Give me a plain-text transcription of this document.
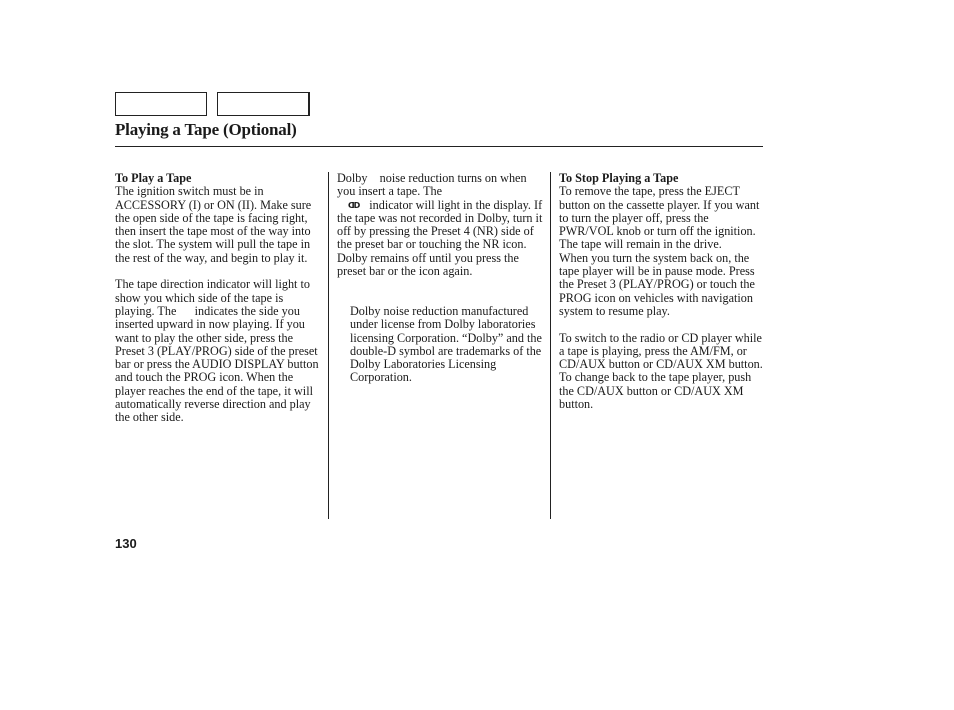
Playing a Tape (Optional)
To Play a Tape

The ignition switch must be in ACCESSORY (I) or ON (II). Make sure the open side of the tape is facing right, then insert the tape most of the way into the slot. The system will pull the tape in the rest of the way, and begin to play it.

The tape direction indicator will light to show you which side of the tape is playing. The      indicates the side you inserted upward in now playing. If you want to play the other side, press the Preset 3 (PLAY/PROG) side of the preset bar or press the AUDIO DISPLAY button and touch the PROG icon. When the player reaches the end of the tape, it will automatically reverse direction and play the other side.

Dolby    noise reduction turns on when you insert a tape. The

ᗡᗞ indicator will light in the display. If the tape was not recorded in Dolby, turn it off by pressing the Preset 4 (NR) side of the preset bar or touching the NR icon. Dolby remains off until you press the preset bar or the icon again.

Dolby noise reduction manufactured under license from Dolby laboratories licensing Corporation. “Dolby” and the double-D symbol are trademarks of the Dolby Laboratories Licensing Corporation.

To Stop Playing a Tape

To remove the tape, press the EJECT button on the cassette player. If you want to turn the player off, press the PWR/VOL knob or turn off the ignition. The tape will remain in the drive.

When you turn the system back on, the tape player will be in pause mode. Press the Preset 3 (PLAY/PROG) or touch the PROG icon on vehicles with navigation system to resume play.

To switch to the radio or CD player while a tape is playing, press the AM/FM, or CD/AUX button or CD/AUX XM button. To change back to the tape player, push the CD/AUX button or CD/AUX XM button.

130
